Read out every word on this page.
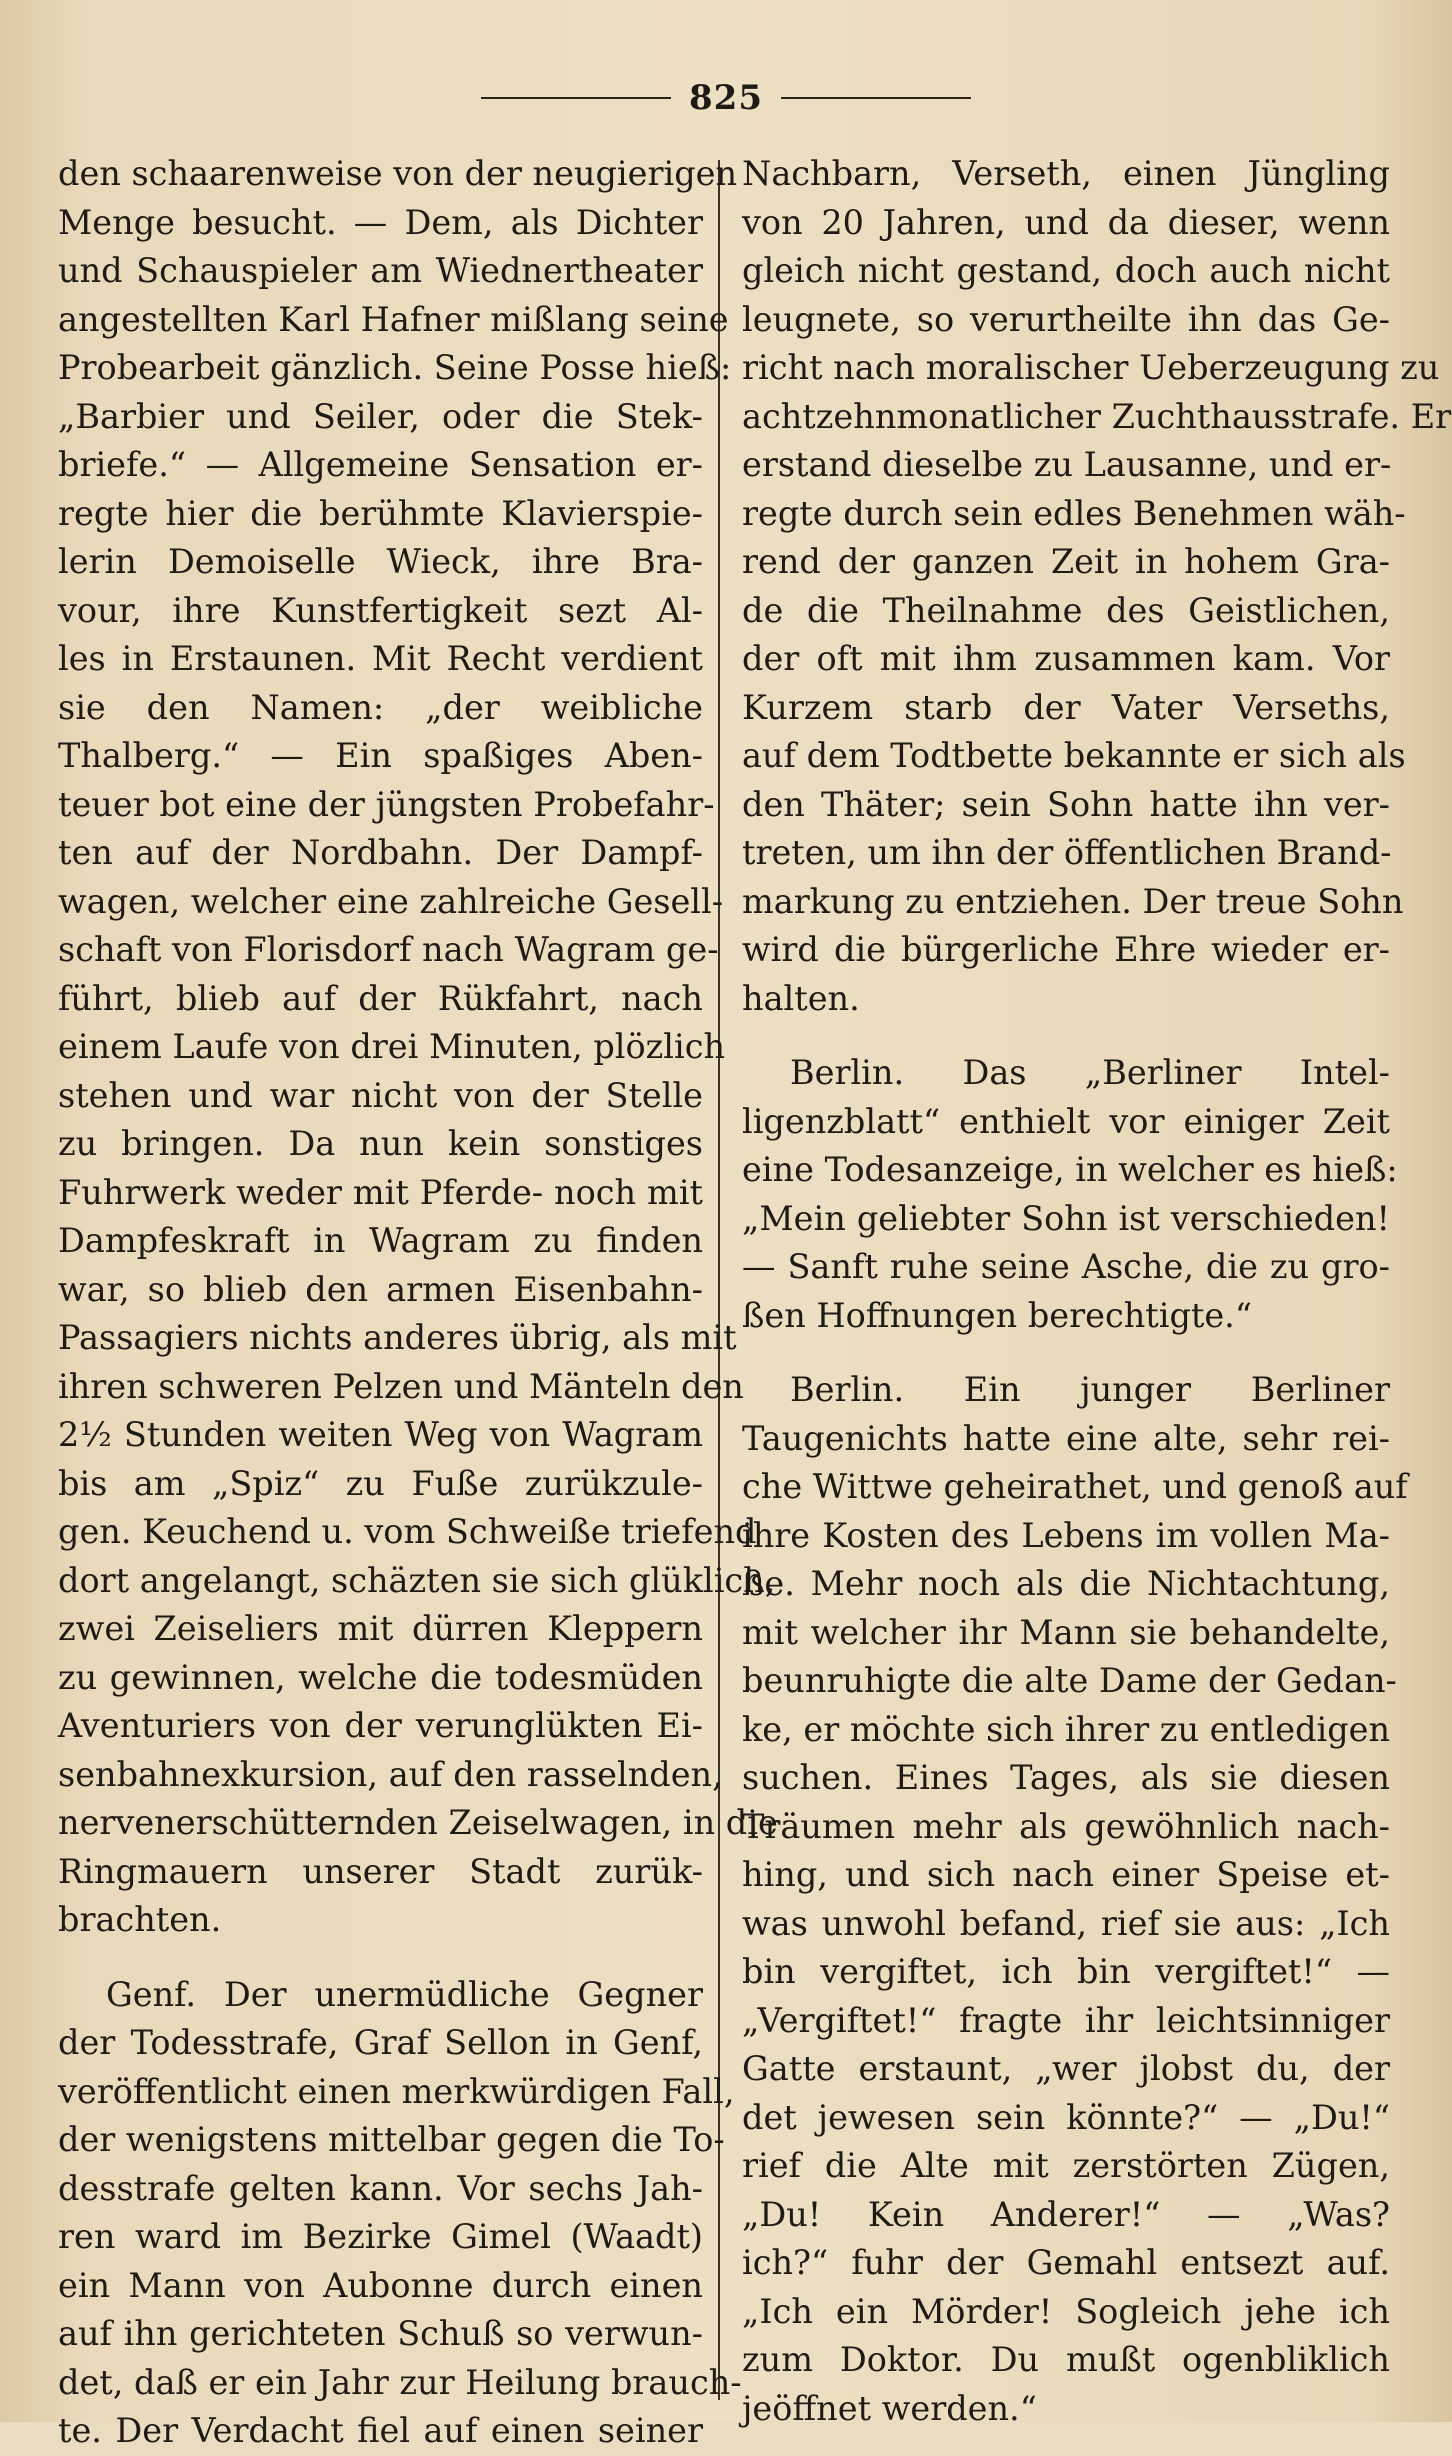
825
den schaarenweise von der neugierigen
Menge besucht. — Dem, als Dichter
und Schauspieler am Wiednertheater
angestellten Karl Hafner mißlang seine
Probearbeit gänzlich. Seine Posse hieß:
„Barbier und Seiler, oder die Stek-
briefe.“ — Allgemeine Sensation er-
regte hier die berühmte Klavierspie-
lerin Demoiselle Wieck, ihre Bra-
vour, ihre Kunstfertigkeit sezt Al-
les in Erstaunen. Mit Recht verdient
sie den Namen: „der weibliche
Thalberg.“ — Ein spaßiges Aben-
teuer bot eine der jüngsten Probefahr-
ten auf der Nordbahn. Der Dampf-
wagen, welcher eine zahlreiche Gesell-
schaft von Florisdorf nach Wagram ge-
führt, blieb auf der Rükfahrt, nach
einem Laufe von drei Minuten, plözlich
stehen und war nicht von der Stelle
zu bringen. Da nun kein sonstiges
Fuhrwerk weder mit Pferde- noch mit
Dampfeskraft in Wagram zu finden
war, so blieb den armen Eisenbahn-
Passagiers nichts anderes übrig, als mit
ihren schweren Pelzen und Mänteln den
2½ Stunden weiten Weg von Wagram
bis am „Spiz“ zu Fuße zurükzule-
gen. Keuchend u. vom Schweiße triefend
dort angelangt, schäzten sie sich glüklich,
zwei Zeiseliers mit dürren Kleppern
zu gewinnen, welche die todesmüden
Aventuriers von der verunglükten Ei-
senbahnexkursion, auf den rasselnden,
nervenerschütternden Zeiselwagen, in die
Ringmauern unserer Stadt zurük-
brachten.
Genf. Der unermüdliche Gegner
der Todesstrafe, Graf Sellon in Genf,
veröffentlicht einen merkwürdigen Fall,
der wenigstens mittelbar gegen die To-
desstrafe gelten kann. Vor sechs Jah-
ren ward im Bezirke Gimel (Waadt)
ein Mann von Aubonne durch einen
auf ihn gerichteten Schuß so verwun-
det, daß er ein Jahr zur Heilung brauch-
te. Der Verdacht fiel auf einen seiner
Nachbarn, Verseth, einen Jüngling
von 20 Jahren, und da dieser, wenn
gleich nicht gestand, doch auch nicht
leugnete, so verurtheilte ihn das Ge-
richt nach moralischer Ueberzeugung zu
achtzehnmonatlicher Zuchthausstrafe. Er
erstand dieselbe zu Lausanne, und er-
regte durch sein edles Benehmen wäh-
rend der ganzen Zeit in hohem Gra-
de die Theilnahme des Geistlichen,
der oft mit ihm zusammen kam. Vor
Kurzem starb der Vater Verseths,
auf dem Todtbette bekannte er sich als
den Thäter; sein Sohn hatte ihn ver-
treten, um ihn der öffentlichen Brand-
markung zu entziehen. Der treue Sohn
wird die bürgerliche Ehre wieder er-
halten.
Berlin. Das „Berliner Intel-
ligenzblatt“ enthielt vor einiger Zeit
eine Todesanzeige, in welcher es hieß:
„Mein geliebter Sohn ist verschieden!
— Sanft ruhe seine Asche, die zu gro-
ßen Hoffnungen berechtigte.“
Berlin. Ein junger Berliner
Taugenichts hatte eine alte, sehr rei-
che Wittwe geheirathet, und genoß auf
ihre Kosten des Lebens im vollen Ma-
ße. Mehr noch als die Nichtachtung,
mit welcher ihr Mann sie behandelte,
beunruhigte die alte Dame der Gedan-
ke, er möchte sich ihrer zu entledigen
suchen. Eines Tages, als sie diesen
Träumen mehr als gewöhnlich nach-
hing, und sich nach einer Speise et-
was unwohl befand, rief sie aus: „Ich
bin vergiftet, ich bin vergiftet!“ —
„Vergiftet!“ fragte ihr leichtsinniger
Gatte erstaunt, „wer jlobst du, der
det jewesen sein könnte?“ — „Du!“
rief die Alte mit zerstörten Zügen,
„Du! Kein Anderer!“ — „Was?
ich?“ fuhr der Gemahl entsezt auf.
„Ich ein Mörder! Sogleich jehe ich
zum Doktor. Du mußt ogenbliklich
jeöffnet werden.“
